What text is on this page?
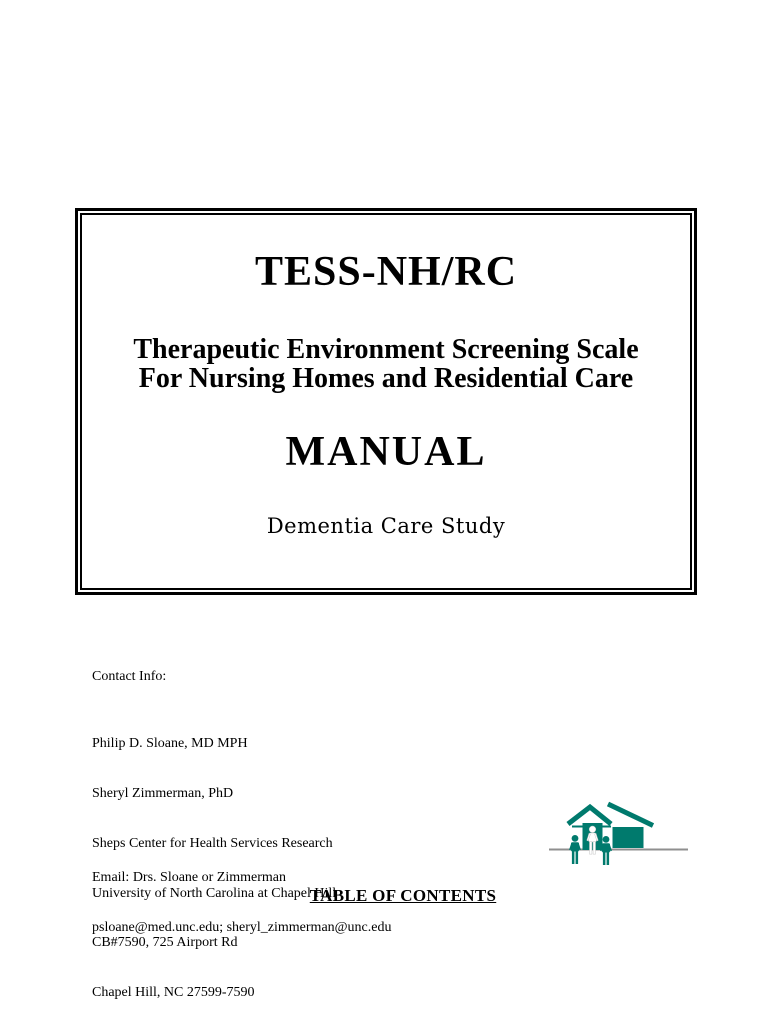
TESS-NH/RC
Therapeutic Environment Screening Scale
For Nursing Homes and Residential Care
MANUAL
Dementia Care Study
Contact Info:

Philip D. Sloane, MD MPH

Sheryl Zimmerman, PhD

Sheps Center for Health Services Research

University of North Carolina at Chapel Hill

CB#7590, 725 Airport Rd

Chapel Hill, NC 27599-7590

Email: Drs. Sloane or Zimmerman

psloane@med.unc.edu; sheryl_zimmerman@unc.edu

TABLE OF CONTENTS
